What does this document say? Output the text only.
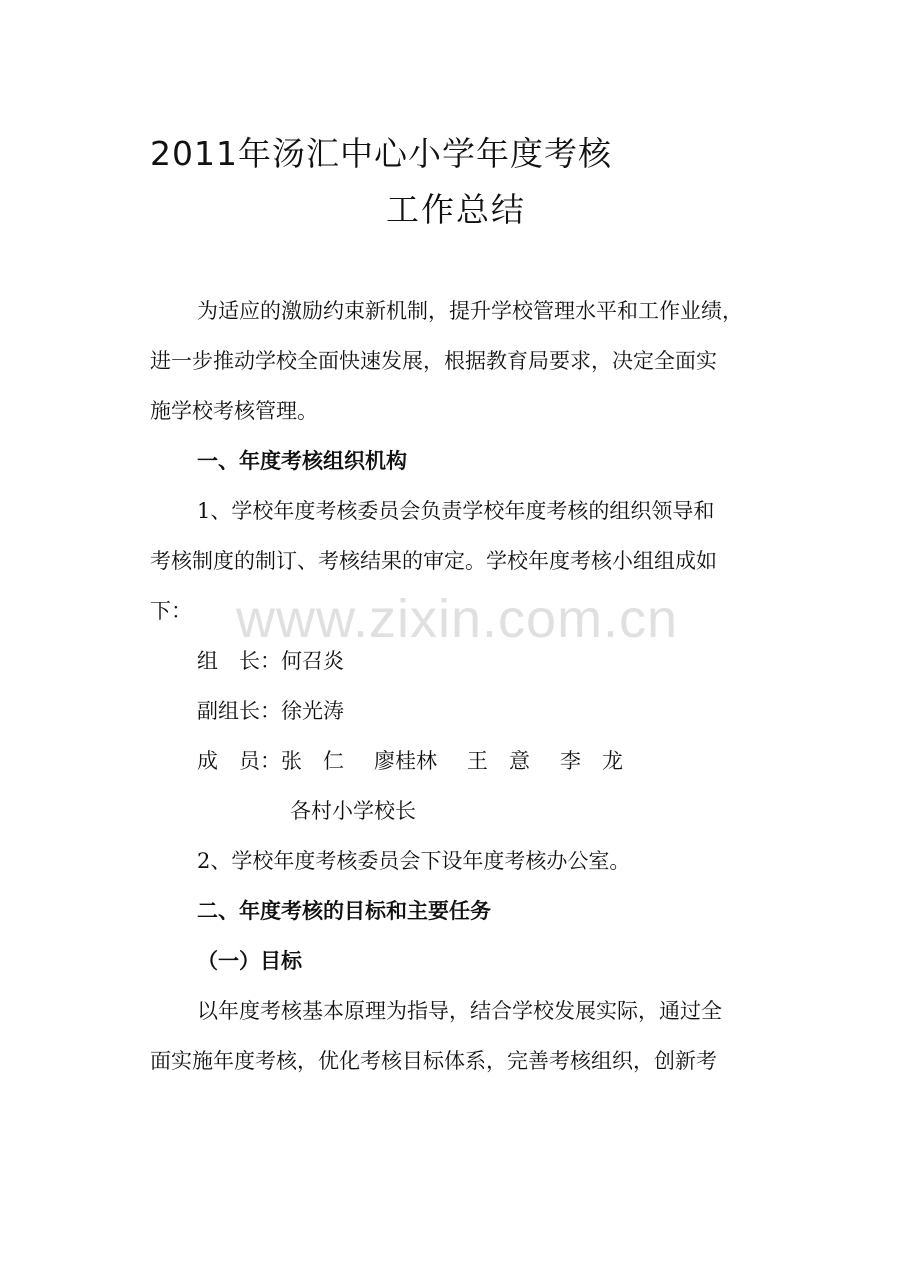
2011年汤汇中心小学年度考核
工作总结
为适应的激励约束新机制，提升学校管理水平和工作业绩，
进一步推动学校全面快速发展，根据教育局要求，决定全面实
施学校考核管理。
一、年度考核组织机构
1、学校年度考核委员会负责学校年度考核的组织领导和
考核制度的制订、考核结果的审定。学校年度考核小组组成如
下：
组　长：何召炎
副组长：徐光涛
成　员：张　仁 廖桂林 王　意 李　龙
各村小学校长
2、学校年度考核委员会下设年度考核办公室。
二、年度考核的目标和主要任务
（一）目标
以年度考核基本原理为指导，结合学校发展实际，通过全
面实施年度考核，优化考核目标体系，完善考核组织，创新考
www.zixin.com.cn
